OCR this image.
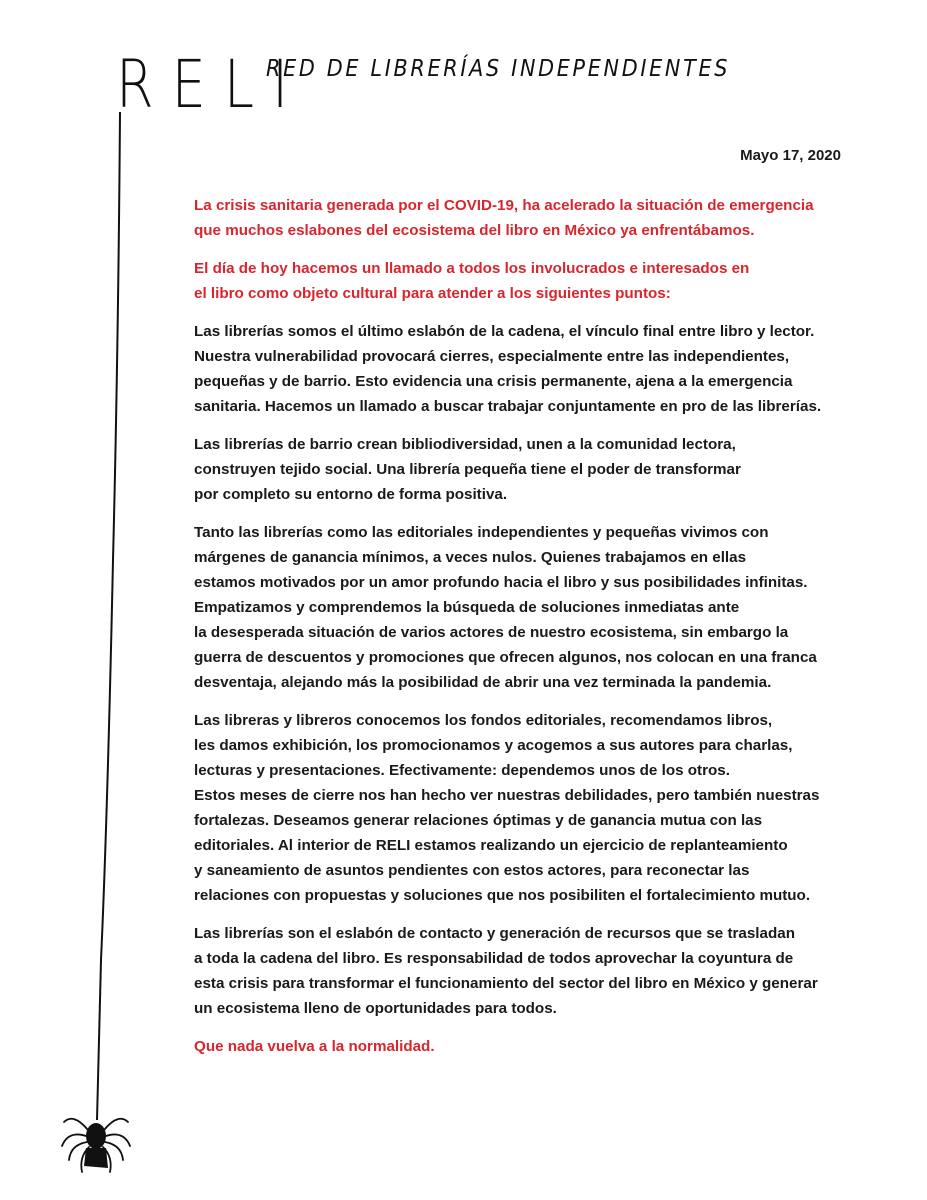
RELI
RED DE LIBRERÍAS INDEPENDIENTES
Mayo 17, 2020

La crisis sanitaria generada por el COVID-19, ha acelerado la situación de emergencia
que muchos eslabones del ecosistema del libro en México ya enfrentábamos.

El día de hoy hacemos un llamado a todos los involucrados e interesados en
el libro como objeto cultural para atender a los siguientes puntos:

Las librerías somos el último eslabón de la cadena, el vínculo final entre libro y lector.
Nuestra vulnerabilidad provocará cierres, especialmente entre las independientes,
pequeñas y de barrio. Esto evidencia una crisis permanente, ajena a la emergencia
sanitaria. Hacemos un llamado a buscar trabajar conjuntamente en pro de las librerías.

Las librerías de barrio crean bibliodiversidad, unen a la comunidad lectora,
construyen tejido social. Una librería pequeña tiene el poder de transformar
por completo su entorno de forma positiva.

Tanto las librerías como las editoriales independientes y pequeñas vivimos con
márgenes de ganancia mínimos, a veces nulos. Quienes trabajamos en ellas
estamos motivados por un amor profundo hacia el libro y sus posibilidades infinitas.
Empatizamos y comprendemos la búsqueda de soluciones inmediatas ante
la desesperada situación de varios actores de nuestro ecosistema, sin embargo la
guerra de descuentos y promociones que ofrecen algunos, nos colocan en una franca
desventaja, alejando más la posibilidad de abrir una vez terminada la pandemia.

Las libreras y libreros conocemos los fondos editoriales, recomendamos libros,
les damos exhibición, los promocionamos y acogemos a sus autores para charlas,
lecturas y presentaciones. Efectivamente: dependemos unos de los otros.
Estos meses de cierre nos han hecho ver nuestras debilidades, pero también nuestras
fortalezas. Deseamos generar relaciones óptimas y de ganancia mutua con las
editoriales. Al interior de RELI estamos realizando un ejercicio de replanteamiento
y saneamiento de asuntos pendientes con estos actores, para reconectar las
relaciones con propuestas y soluciones que nos posibiliten el fortalecimiento mutuo.

Las librerías son el eslabón de contacto y generación de recursos que se trasladan
a toda la cadena del libro. Es responsabilidad de todos aprovechar la coyuntura de
esta crisis para transformar el funcionamiento del sector del libro en México y generar
un ecosistema lleno de oportunidades para todos.

Que nada vuelva a la normalidad.
